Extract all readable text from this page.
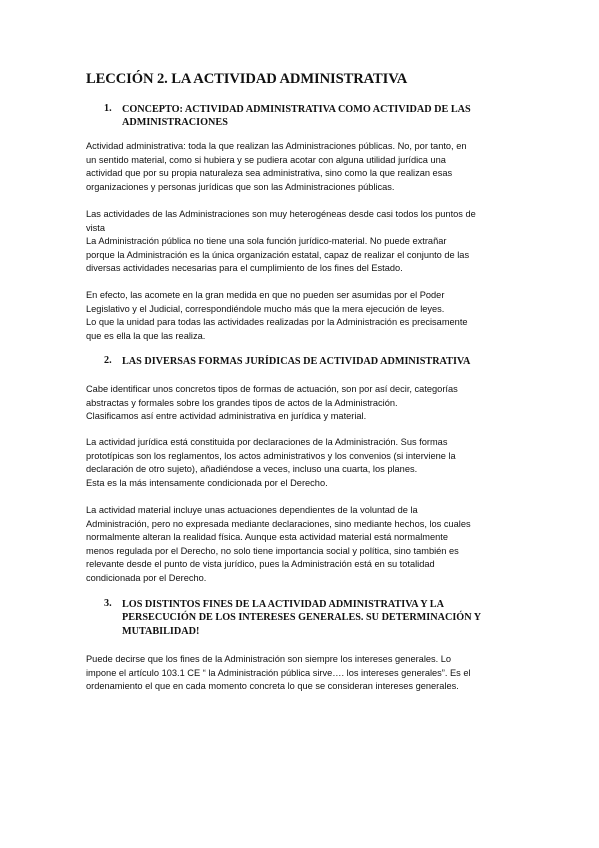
LECCIÓN 2. LA ACTIVIDAD ADMINISTRATIVA
1. CONCEPTO: ACTIVIDAD ADMINISTRATIVA COMO ACTIVIDAD DE LAS
ADMINISTRACIONES
Actividad administrativa: toda la que realizan las Administraciones públicas. No, por tanto, en
un sentido material, como si hubiera y se pudiera acotar con alguna utilidad jurídica una
actividad que por su propia naturaleza sea administrativa, sino como la que realizan esas
organizaciones y personas jurídicas que son las Administraciones públicas.
Las actividades de las Administraciones son muy heterogéneas desde casi todos los puntos de
vista
La Administración pública no tiene una sola función jurídico-material. No puede extrañar
porque la Administración es la única organización estatal, capaz de realizar el conjunto de las
diversas actividades necesarias para el cumplimiento de los fines del Estado.
En efecto, las acomete en la gran medida en que no pueden ser asumidas por el Poder
Legislativo y el Judicial, correspondiéndole mucho más que la mera ejecución de leyes.
Lo que la unidad para todas las actividades realizadas por la Administración es precisamente
que es ella la que las realiza.
2. LAS DIVERSAS FORMAS JURÍDICAS DE ACTIVIDAD ADMINISTRATIVA
Cabe identificar unos concretos tipos de formas de actuación, son por así decir, categorías
abstractas y formales sobre los grandes tipos de actos de la Administración.
Clasificamos así entre actividad administrativa en jurídica y material.
La actividad jurídica está constituida por declaraciones de la Administración. Sus formas
prototípicas son los reglamentos, los actos administrativos y los convenios (si interviene la
declaración de otro sujeto), añadiéndose a veces, incluso una cuarta, los planes.
Esta es la más intensamente condicionada por el Derecho.
La actividad material incluye unas actuaciones dependientes de la voluntad de la
Administración, pero no expresada mediante declaraciones, sino mediante hechos, los cuales
normalmente alteran la realidad física. Aunque esta actividad material está normalmente
menos regulada por el Derecho, no solo tiene importancia social y política, sino también es
relevante desde el punto de vista jurídico, pues la Administración está en su totalidad
condicionada por el Derecho.
3. LOS DISTINTOS FINES DE LA ACTIVIDAD ADMINISTRATIVA Y LA
PERSECUCIÓN DE LOS INTERESES GENERALES. SU DETERMINACIÓN Y
MUTABILIDAD!
Puede decirse que los fines de la Administración son siempre los intereses generales. Lo
impone el artículo 103.1 CE “ la Administración pública sirve…. los intereses generales”. Es el
ordenamiento el que en cada momento concreta lo que se consideran intereses generales.
